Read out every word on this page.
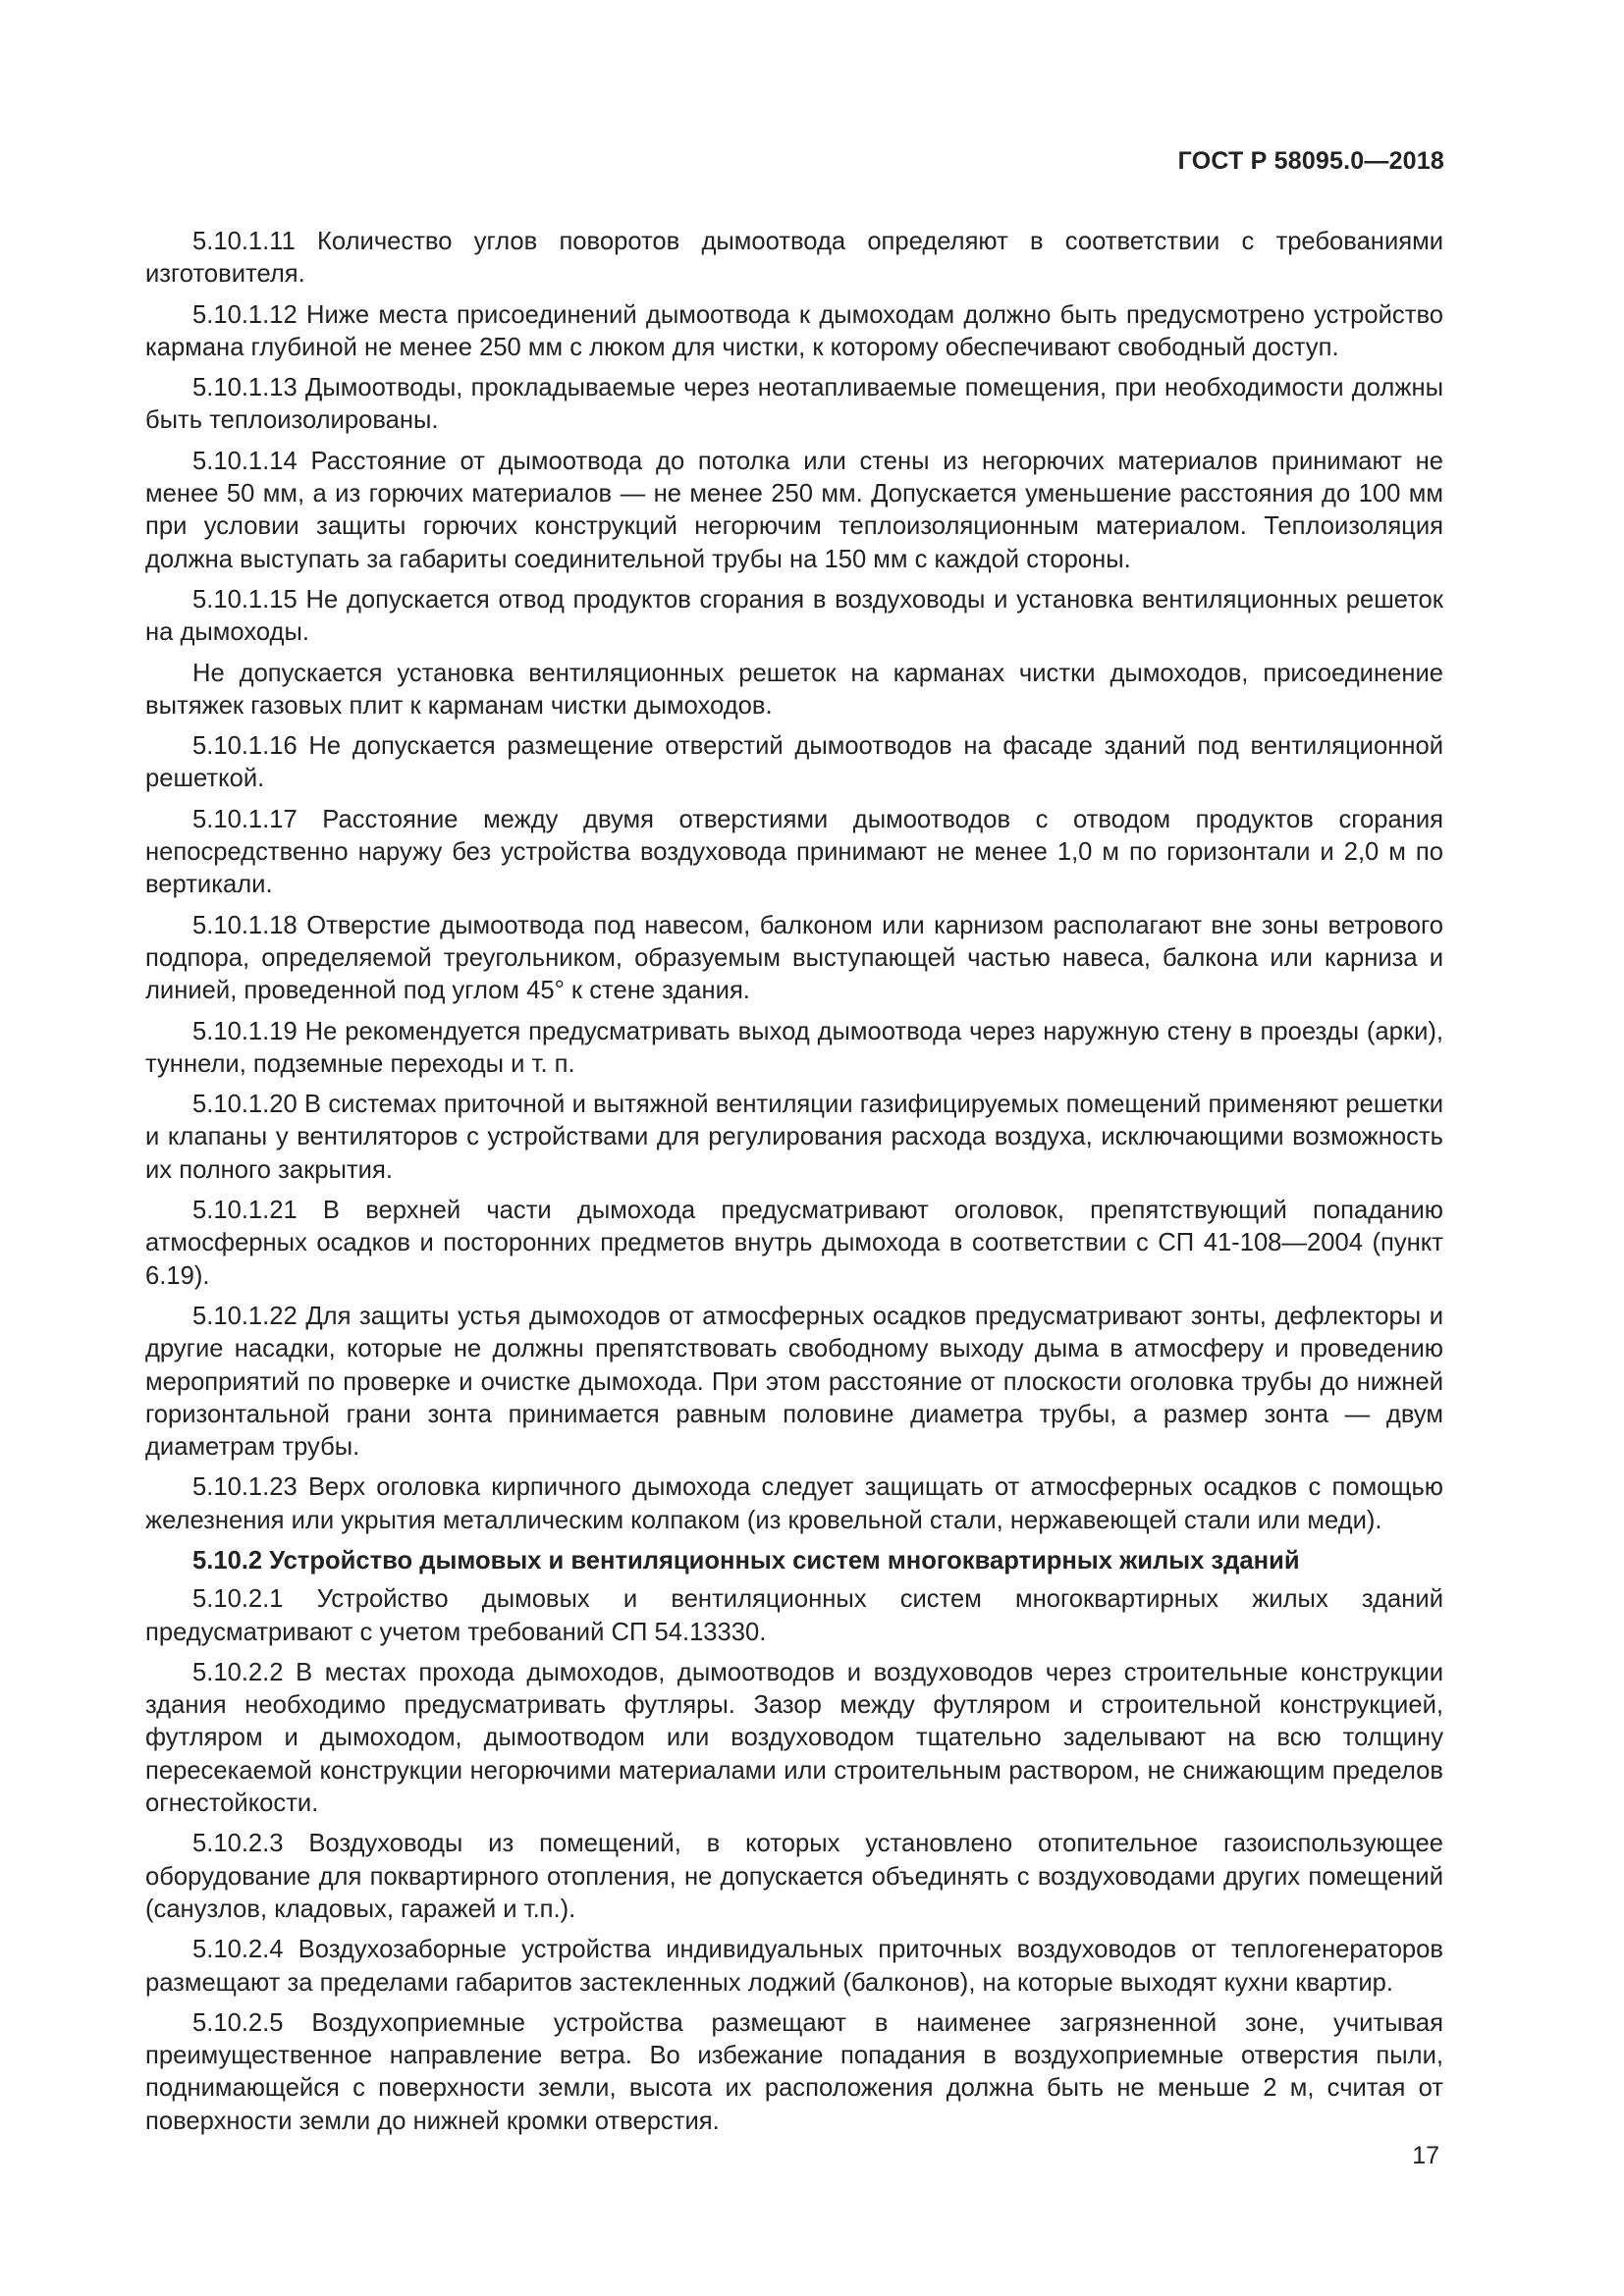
ГОСТ Р 58095.0—2018

5.10.1.11 Количество углов поворотов дымоотвода определяют в соответствии с требованиями изготовителя.

5.10.1.12 Ниже места присоединений дымоотвода к дымоходам должно быть предусмотрено устройство кармана глубиной не менее 250 мм с люком для чистки, к которому обеспечивают свободный доступ.

5.10.1.13 Дымоотводы, прокладываемые через неотапливаемые помещения, при необходимости должны быть теплоизолированы.

5.10.1.14 Расстояние от дымоотвода до потолка или стены из негорючих материалов принимают не менее 50 мм, а из горючих материалов — не менее 250 мм. Допускается уменьшение расстояния до 100 мм при условии защиты горючих конструкций негорючим теплоизоляционным материалом. Теплоизоляция должна выступать за габариты соединительной трубы на 150 мм с каждой стороны.

5.10.1.15 Не допускается отвод продуктов сгорания в воздуховоды и установка вентиляционных решеток на дымоходы.

Не допускается установка вентиляционных решеток на карманах чистки дымоходов, присоединение вытяжек газовых плит к карманам чистки дымоходов.

5.10.1.16 Не допускается размещение отверстий дымоотводов на фасаде зданий под вентиляционной решеткой.

5.10.1.17 Расстояние между двумя отверстиями дымоотводов с отводом продуктов сгорания непосредственно наружу без устройства воздуховода принимают не менее 1,0 м по горизонтали и 2,0 м по вертикали.

5.10.1.18 Отверстие дымоотвода под навесом, балконом или карнизом располагают вне зоны ветрового подпора, определяемой треугольником, образуемым выступающей частью навеса, балкона или карниза и линией, проведенной под углом 45° к стене здания.

5.10.1.19 Не рекомендуется предусматривать выход дымоотвода через наружную стену в проезды (арки), туннели, подземные переходы и т. п.

5.10.1.20 В системах приточной и вытяжной вентиляции газифицируемых помещений применяют решетки и клапаны у вентиляторов с устройствами для регулирования расхода воздуха, исключающими возможность их полного закрытия.

5.10.1.21 В верхней части дымохода предусматривают оголовок, препятствующий попаданию атмосферных осадков и посторонних предметов внутрь дымохода в соответствии с СП 41-108—2004 (пункт 6.19).

5.10.1.22 Для защиты устья дымоходов от атмосферных осадков предусматривают зонты, дефлекторы и другие насадки, которые не должны препятствовать свободному выходу дыма в атмосферу и проведению мероприятий по проверке и очистке дымохода. При этом расстояние от плоскости оголовка трубы до нижней горизонтальной грани зонта принимается равным половине диаметра трубы, а размер зонта — двум диаметрам трубы.

5.10.1.23 Верх оголовка кирпичного дымохода следует защищать от атмосферных осадков с помощью железнения или укрытия металлическим колпаком (из кровельной стали, нержавеющей стали или меди).

5.10.2 Устройство дымовых и вентиляционных систем многоквартирных жилых зданий

5.10.2.1 Устройство дымовых и вентиляционных систем многоквартирных жилых зданий предусматривают с учетом требований СП 54.13330.

5.10.2.2 В местах прохода дымоходов, дымоотводов и воздуховодов через строительные конструкции здания необходимо предусматривать футляры. Зазор между футляром и строительной конструкцией, футляром и дымоходом, дымоотводом или воздуховодом тщательно заделывают на всю толщину пересекаемой конструкции негорючими материалами или строительным раствором, не снижающим пределов огнестойкости.

5.10.2.3 Воздуховоды из помещений, в которых установлено отопительное газоиспользующее оборудование для поквартирного отопления, не допускается объединять с воздуховодами других помещений (санузлов, кладовых, гаражей и т.п.).

5.10.2.4 Воздухозаборные устройства индивидуальных приточных воздуховодов от теплогенераторов размещают за пределами габаритов застекленных лоджий (балконов), на которые выходят кухни квартир.

5.10.2.5 Воздухоприемные устройства размещают в наименее загрязненной зоне, учитывая преимущественное направление ветра. Во избежание попадания в воздухоприемные отверстия пыли, поднимающейся с поверхности земли, высота их расположения должна быть не меньше 2 м, считая от поверхности земли до нижней кромки отверстия.

17
